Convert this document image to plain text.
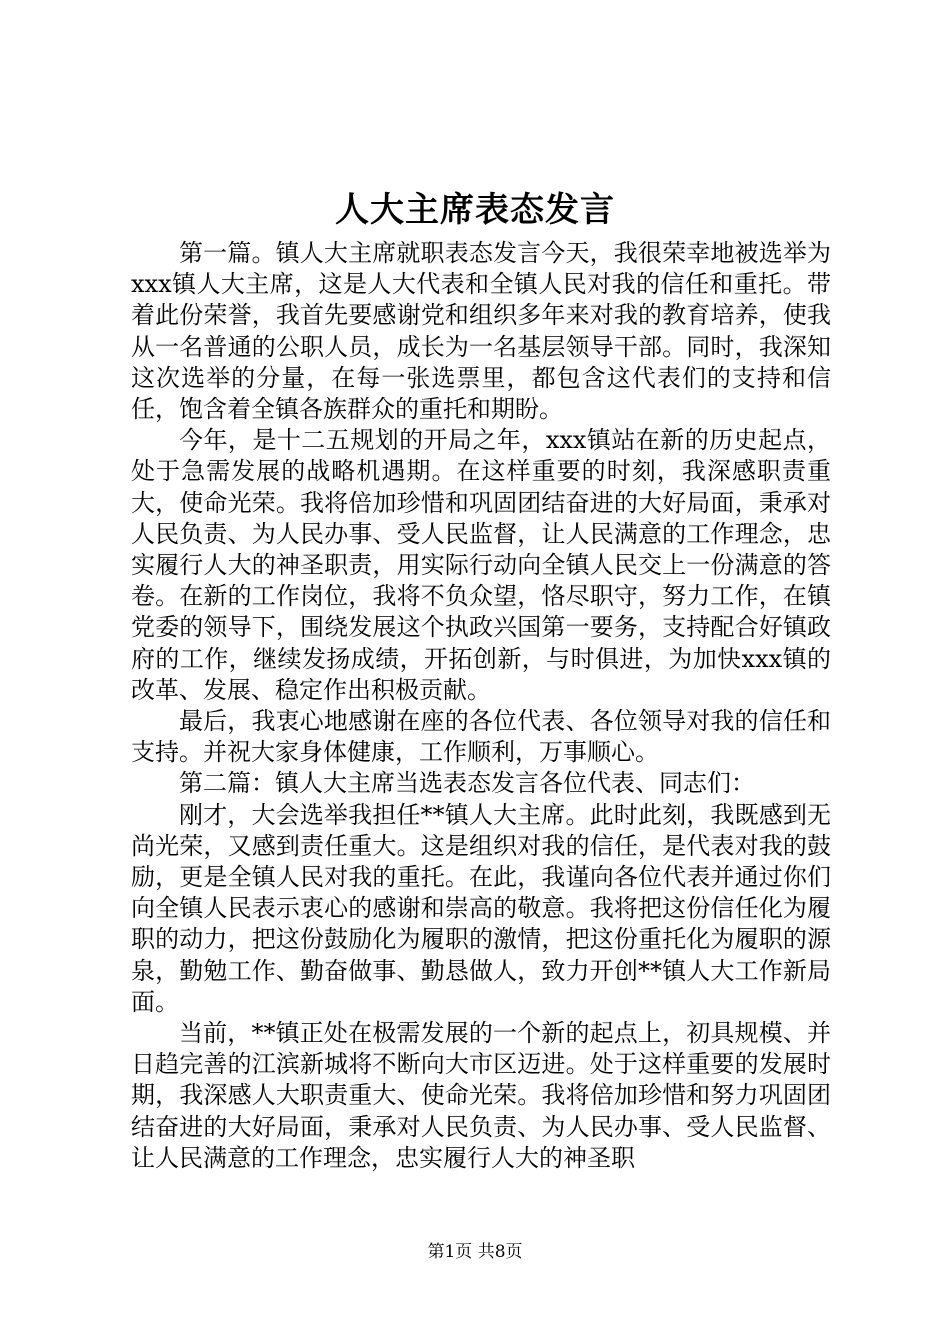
人大主席表态发言

第一篇。镇人大主席就职表态发言今天，我很荣幸地被选举为xxx镇人大主席，这是人大代表和全镇人民对我的信任和重托。带着此份荣誉，我首先要感谢党和组织多年来对我的教育培养，使我从一名普通的公职人员，成长为一名基层领导干部。同时，我深知这次选举的分量，在每一张选票里，都包含这代表们的支持和信任，饱含着全镇各族群众的重托和期盼。

今年，是十二五规划的开局之年，xxx镇站在新的历史起点，处于急需发展的战略机遇期。在这样重要的时刻，我深感职责重大，使命光荣。我将倍加珍惜和巩固团结奋进的大好局面，秉承对人民负责、为人民办事、受人民监督，让人民满意的工作理念，忠实履行人大的神圣职责，用实际行动向全镇人民交上一份满意的答卷。在新的工作岗位，我将不负众望，恪尽职守，努力工作，在镇党委的领导下，围绕发展这个执政兴国第一要务，支持配合好镇政府的工作，继续发扬成绩，开拓创新，与时俱进，为加快xxx镇的改革、发展、稳定作出积极贡献。

最后，我衷心地感谢在座的各位代表、各位领导对我的信任和支持。并祝大家身体健康，工作顺利，万事顺心。

第二篇：镇人大主席当选表态发言各位代表、同志们：

刚才，大会选举我担任**镇人大主席。此时此刻，我既感到无尚光荣，又感到责任重大。这是组织对我的信任，是代表对我的鼓励，更是全镇人民对我的重托。在此，我谨向各位代表并通过你们向全镇人民表示衷心的感谢和崇高的敬意。我将把这份信任化为履职的动力，把这份鼓励化为履职的激情，把这份重托化为履职的源泉，勤勉工作、勤奋做事、勤恳做人，致力开创**镇人大工作新局面。

当前，**镇正处在极需发展的一个新的起点上，初具规模、并日趋完善的江滨新城将不断向大市区迈进。处于这样重要的发展时期，我深感人大职责重大、使命光荣。我将倍加珍惜和努力巩固团结奋进的大好局面，秉承对人民负责、为人民办事、受人民监督、让人民满意的工作理念，忠实履行人大的神圣职

第1页 共8页
